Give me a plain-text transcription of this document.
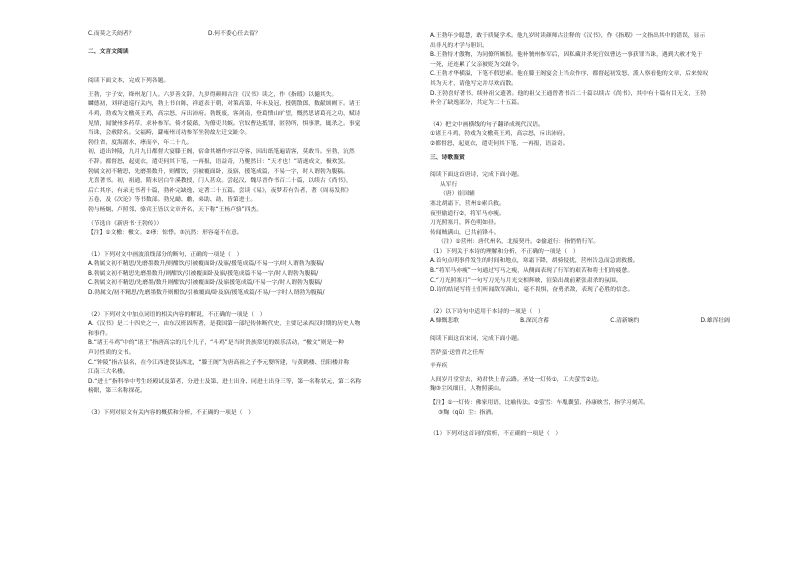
C.而莫之夭阏者？	D.何不委心任去留？
二、文言文阅读
阅读下面文本，完成下列各题。
王勃，字子安，绛州龙门人。六岁善文辞，九岁得颜师古注《汉书》读之，作《指瑕》以擿其失。
麟德初，刘祥道巡行关内，勃上书自陈，祥道表于朝，对策高第，年未及冠，授朝散郎，数献颂阙下。诸王
斗鸡，勃戏为文檄英王鸡，高宗怒，斥出沛府。勃既废，客剑南，登葛愦山旷望，慨然思诸葛亮之功，赋诗
见情，闻虢州多药草，求补参军。倚才陵藉，为僚吏共嫉。官奴曹达抵罪，匿勃所，惧事泄，辄杀之。事觉
当诛，会赦除名。父福畤，繇雍州司功参军坐勃故左迁交趾令。
勃往省，度海溺水，痵而卒，年二十九。
初，道出钟陵，九月九日都督大宴滕王阁，宿命其婿作序以夸客，因出纸笔遍请客，莫敢当。至勃，沆然
不辞。都督怒，起更衣，遣吏伺其下笔，一再报，语益奇，乃矍然曰：“天才也！”请遂成文，极欢罢。
勃属文初不精思，先磨墨数升，则酣饮，引被覆面卧，及寤，援笔成篇，不易一字，时人谓勃为腹稿。
尤喜著书。初，祖通，隋末居白牛溪教授，门人甚众。尝起汉、魏尽晋作书百二十篇，以续古《尚书》，
后亡其序，有录无书者十篇，勃补完缺逸，定著二十五篇。尝读《易》，夜梦若有告者，著《周易发挥》
五卷，及《次论》等书数部。勃兄勔、勮，弟助、劼，皆第进士。
勃与杨炯、卢照邻、骆宾王皆以文章齐名，天下称“王杨卢骆”四杰。
（节选自《新唐书·王勃传》）
【注】①文檄：檄文。②痵：惊悸。③沆然：形容毫不在意。
（1）下列对文中画波浪线部分的断句，正确的一项是（　）
A.勃属文初不精思/先磨墨数升/则酣饮/引被覆面卧/及寤/援笔成篇/不易一字/时人谓勃为腹稿/
B.勃属文初不精思先磨墨数升/则酣饮/引被覆面卧及寤/援笔成篇不易一字/时人谓勃为腹稿/
C.勃属文初不精思/先磨墨/数升则酣饮/引被覆面卧/及寤援笔成篇/不易一字/时人谓勃为腹稿/
D.勃属文/初不精思/先磨墨数升则酣饮/引被覆面/卧及寤/援笔成篇/不易/一字时人谓勃为腹稿/
（2）下列对文中加点词语的相关内容的解说，不正确的一项是（　）
A.《汉书》是二十四史之一，由东汉班固所著，是我国第一部纪传体断代史，主要记录西汉时期的历史人物
和事件。
B.“诸王斗鸡”中的“诸王”指唐高宗的几个儿子，“斗鸡”是当时贵族常见的娱乐活动，“檄文”则是一种
声讨性质的文书。
C.“钟陵”指古县名，在今江西进贤县西北，“滕王阁”为唐高祖之子李元婴所建，与黄鹤楼、岳阳楼并称
江南三大名楼。
D.“进士”指科举中考生经殿试及第者，分进士及第、进士出身、同进士出身三等，第一名称状元，第二名称
榜眼，第三名称探花。
（3）下列对原文有关内容的概括和分析，不正确的一项是（　）
A.王勃年少聪慧，敢于质疑学术。他九岁时读颜师古注释的《汉书》，作《指瑕》一文指出其中的错误，显示
出非凡的才学与胆识。
B.王勃恃才傲物，为同僚所嫉恨。他补虢州参军后，因私藏并杀死官奴曹达一事获罪当诛，遇到大赦才免于
一死，还连累了父亲被贬为交趾令。
C.王勃才华横溢，下笔不假思索。他在滕王阁宴会上当众作序，都督起初发怒，派人察看他的文章，后来惊叹
其为天才，请他写完并尽欢而散。
D.王勃喜好著书，续补祖父遗著。他的祖父王通曾著书百二十篇以续古《尚书》，其中有十篇有目无文，王勃
补全了缺逸部分，共定为二十五篇。
（4）把文中画横线的句子翻译成现代汉语。
①诸王斗鸡，勃戏为文檄英王鸡，高宗怒，斥出沛府。
②都督怒，起更衣，遣吏伺其下笔，一再报，语益奇。
三、诗歌鉴赏
阅读下面这首唐诗，完成下面小题。
从军行
（唐）崔国辅
塞北胡霜下，营州①索兵救。
夜里偷道行②，将军马亦瘦。
刀光照塞月，阵色明如昼。
传闻贼满山，已共前锋斗。
（注）①营州：唐代州名，北接契丹。②偷道行：指悄悄行军。
（1）下列关于本诗的理解和分析，不正确的一项是（　）
A.首句点明事件发生的时间和地点，寒霜下降，胡骑侵扰，营州告急而急需救援。
B.“将军马亦瘦”一句通过写马之瘦，从侧面表现了行军的艰苦和将士们的疲惫。
C.“刀光照塞月”一句写刀光与月光交相辉映，渲染出战前紧张肃杀的氛围。
D.诗的结尾写将士们听闻敌军满山，毫不畏惧，奋勇杀敌，表现了必胜的信念。
（2）以下诗句中适用于本诗的一项是（　）
A.慷慨悲歌	B.深沉含蓄	C.清新婉约	D.雄浑壮阔
阅读下面这首宋词，完成下面小题。
菩萨蛮·送曾君之任所
辛弃疾
人间岁月堂堂去，劝君快上青云路。圣处一灯传①，工夫萤雪②边。
麴③尘风细日，人物照溪山。
【注】①一灯传：佛家用语，比喻传法。②萤雪：车胤囊萤、孙康映雪，指学习刻苦。
③麴（qū）尘：指酒。
（1）下列对这首词的赏析，不正确的一项是（　）
